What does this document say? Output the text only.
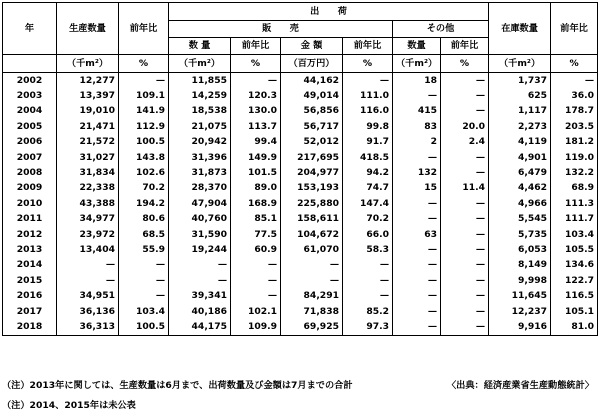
年	生産数量	前年比	出　　荷						在庫数量	前年比
			販　　売				その他			
			数 量	前年比	金 額	前年比	数量	前年比		
	（千m²）	%	（千m²）	%	（百万円）	%	（千m²）	%	（千m²）	%
2002	12,277	—	11,855	—	44,162	—	18	—	1,737	—
2003	13,397	109.1	14,259	120.3	49,014	111.0	—	—	625	36.0
2004	19,010	141.9	18,538	130.0	56,856	116.0	415	—	1,117	178.7
2005	21,471	112.9	21,075	113.7	56,717	99.8	83	20.0	2,273	203.5
2006	21,572	100.5	20,942	99.4	52,012	91.7	2	2.4	4,119	181.2
2007	31,027	143.8	31,396	149.9	217,695	418.5	—	—	4,901	119.0
2008	31,834	102.6	31,873	101.5	204,977	94.2	132	—	6,479	132.2
2009	22,338	70.2	28,370	89.0	153,193	74.7	15	11.4	4,462	68.9
2010	43,388	194.2	47,904	168.9	225,880	147.4	—	—	4,966	111.3
2011	34,977	80.6	40,760	85.1	158,611	70.2	—	—	5,545	111.7
2012	23,972	68.5	31,590	77.5	104,672	66.0	63	—	5,735	103.4
2013	13,404	55.9	19,244	60.9	61,070	58.3	—	—	6,053	105.5
2014	—	—	—	—	—	—	—	—	8,149	134.6
2015	—	—	—	—	—	—	—	—	9,998	122.7
2016	34,951	—	39,341	—	84,291	—	—	—	11,645	116.5
2017	36,136	103.4	40,186	102.1	71,838	85.2	—	—	12,237	105.1
2018	36,313	100.5	44,175	109.9	69,925	97.3	—	—	9,916	81.0
（注）2013年に関しては、生産数量は6月まで、出荷数量及び金額は7月までの合計	〈出典：経済産業省生産動態統計〉
（注）2014、2015年は未公表
